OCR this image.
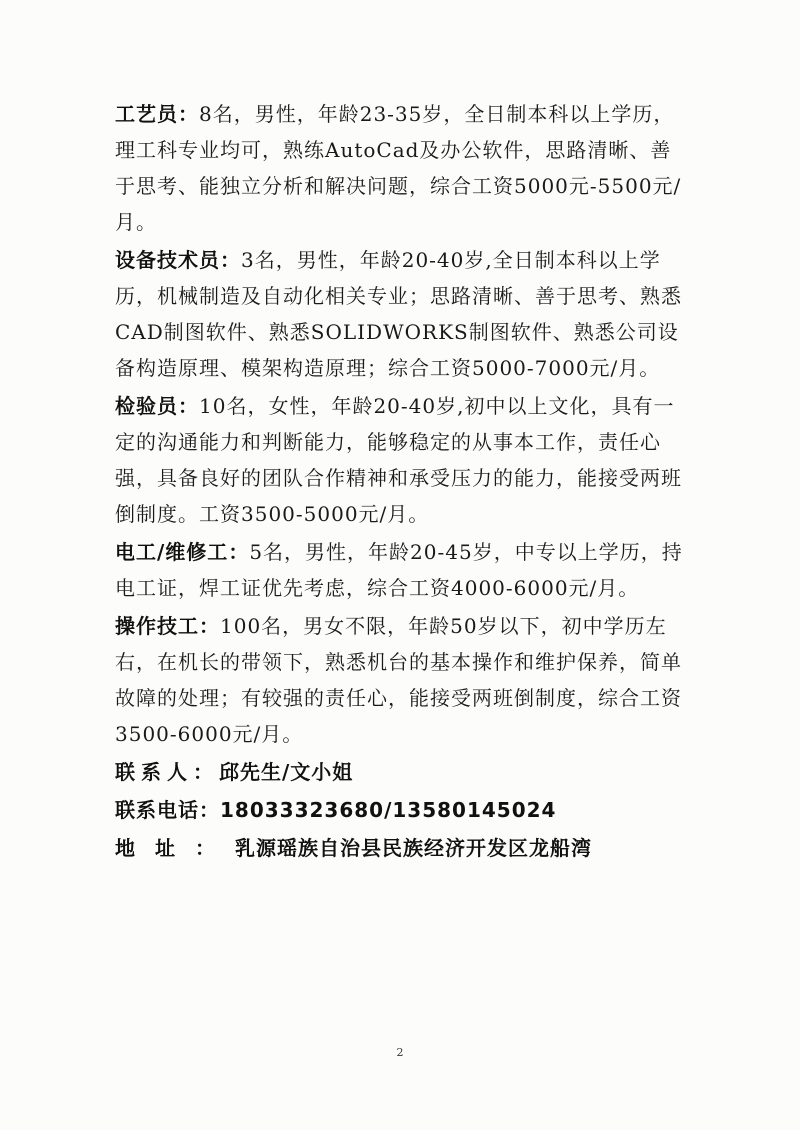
工艺员：8名，男性，年龄23-35岁，全日制本科以上学历，理工科专业均可，熟练AutoCad及办公软件，思路清晰、善于思考、能独立分析和解决问题，综合工资5000元-5500元/月。

设备技术员：3名，男性，年龄20-40岁,全日制本科以上学历，机械制造及自动化相关专业；思路清晰、善于思考、熟悉CAD制图软件、熟悉SOLIDWORKS制图软件、熟悉公司设备构造原理、模架构造原理；综合工资5000-7000元/月。

检验员：10名，女性，年龄20-40岁,初中以上文化，具有一定的沟通能力和判断能力，能够稳定的从事本工作，责任心强，具备良好的团队合作精神和承受压力的能力，能接受两班倒制度。工资3500-5000元/月。

电工/维修工：5名，男性，年龄20-45岁，中专以上学历，持电工证，焊工证优先考虑，综合工资4000-6000元/月。

操作技工：100名，男女不限，年龄50岁以下，初中学历左右，在机长的带领下，熟悉机台的基本操作和维护保养，简单故障的处理；有较强的责任心，能接受两班倒制度，综合工资3500-6000元/月。

联系人：邱先生/文小姐
联系电话：18033323680/13580145024
地址：乳源瑶族自治县民族经济开发区龙船湾
2
